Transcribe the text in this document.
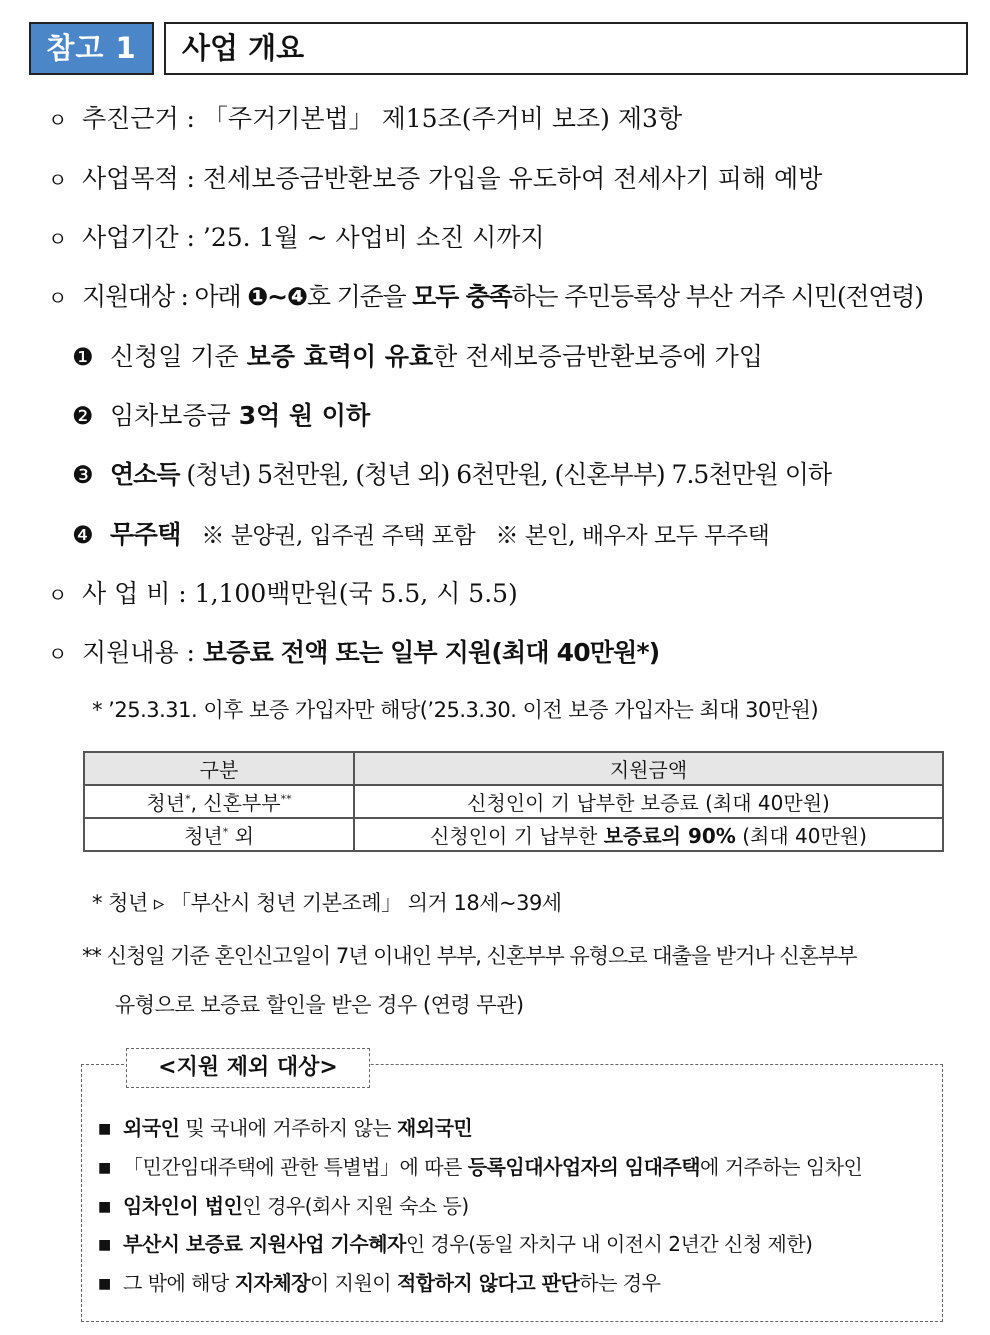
참고 1	사업 개요
ㅇ 추진근거 : 「주거기본법」 제15조(주거비 보조) 제3항
ㅇ 사업목적 : 전세보증금반환보증 가입을 유도하여 전세사기 피해 예방
ㅇ 사업기간 : ’25. 1월 ~ 사업비 소진 시까지
ㅇ 지원대상 : 아래 ❶~❹호 기준을 모두 충족하는 주민등록상 부산 거주 시민(전연령)
❶ 신청일 기준 보증 효력이 유효한 전세보증금반환보증에 가입
❷ 임차보증금 3억 원 이하
❸ 연소득 (청년) 5천만원, (청년 외) 6천만원, (신혼부부) 7.5천만원 이하
❹ 무주택   ※ 분양권, 입주권 주택 포함   ※ 본인, 배우자 모두 무주택
ㅇ 사 업 비 : 1,100백만원(국 5.5, 시 5.5)
ㅇ 지원내용 : 보증료 전액 또는 일부 지원(최대 40만원*)
* ’25.3.31. 이후 보증 가입자만 해당(’25.3.30. 이전 보증 가입자는 최대 30만원)
구분	지원금액
청년*, 신혼부부**	신청인이 기 납부한 보증료 (최대 40만원)
청년* 외	신청인이 기 납부한 보증료의 90% (최대 40만원)
* 청년 ▹ 「부산시 청년 기본조례」 의거 18세~39세
** 신청일 기준 혼인신고일이 7년 이내인 부부, 신혼부부 유형으로 대출을 받거나 신혼부부
유형으로 보증료 할인을 받은 경우 (연령 무관)
<지원 제외 대상>
■ 외국인 및 국내에 거주하지 않는 재외국민
■ 「민간임대주택에 관한 특별법」에 따른 등록임대사업자의 임대주택에 거주하는 임차인
■ 임차인이 법인인 경우(회사 지원 숙소 등)
■ 부산시 보증료 지원사업 기수혜자인 경우(동일 자치구 내 이전시 2년간 신청 제한)
■ 그 밖에 해당 지자체장이 지원이 적합하지 않다고 판단하는 경우
